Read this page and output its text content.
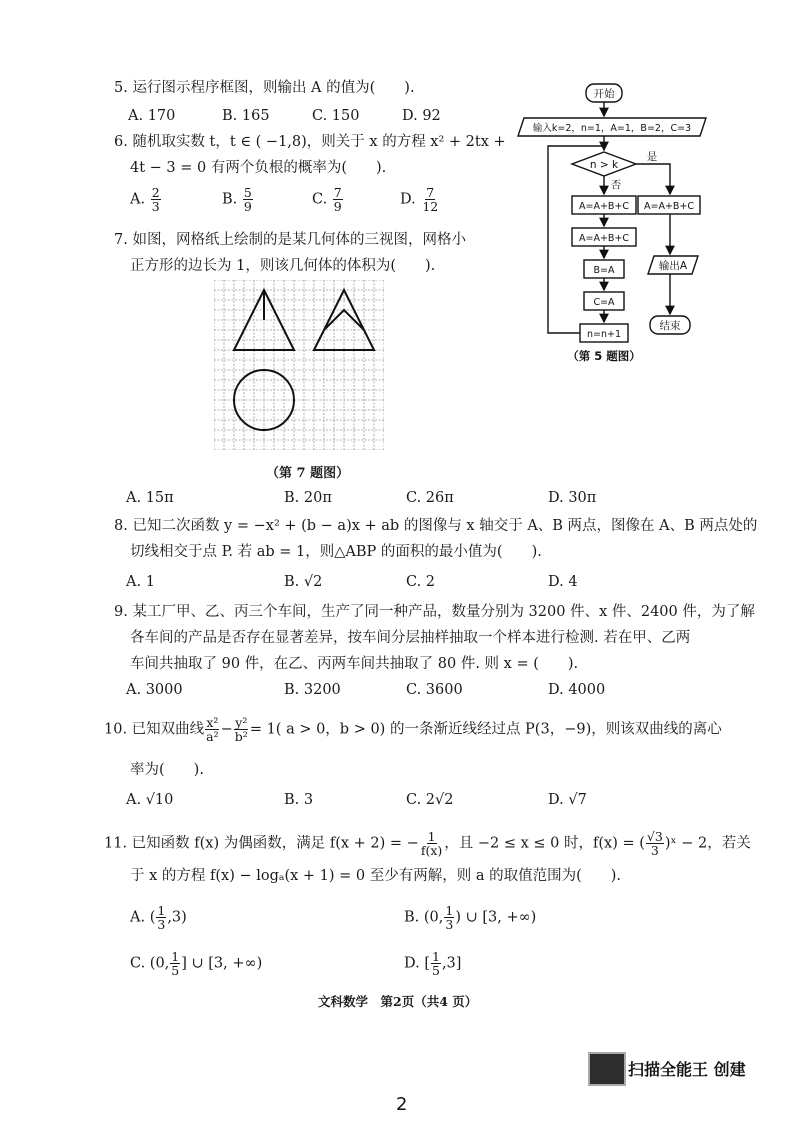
5. 运行图示程序框图，则输出 A 的值为(　　).
A. 170	B. 165	C. 150	D. 92
6. 随机取实数 t，t ∈ ( −1,8)，则关于 x 的方程 x² + 2tx +
4t − 3 = 0 有两个负根的概率为(　　).
A. $\frac{2}{3}$	B. $\frac{5}{9}$	C. $\frac{7}{9}$	D. $\frac{7}{12}$
7. 如图，网格纸上绘制的是某几何体的三视图，网格小
正方形的边长为 1，则该几何体的体积为(　　).
（第 7 题图）
A. 15π	B. 20π	C. 26π	D. 30π
8. 已知二次函数 y = −x² + (b − a)x + ab 的图像与 x 轴交于 A、B 两点，图像在 A、B 两点处的
切线相交于点 P. 若 ab = 1，则△ABP 的面积的最小值为(　　).
A. 1	B. √2	C. 2	D. 4
9. 某工厂甲、乙、丙三个车间，生产了同一种产品，数量分别为 3200 件、x 件、2400 件，为了解
各车间的产品是否存在显著差异，按车间分层抽样抽取一个样本进行检测. 若在甲、乙两
车间共抽取了 90 件，在乙、丙两车间共抽取了 80 件. 则 x = (　　).
A. 3000	B. 3200	C. 3600	D. 4000
10. 已知双曲线 $\frac{\text{x²}}{\text{a²}} - \frac{\text{y²}}{\text{b²}} = 1$( a > 0，b > 0) 的一条渐近线经过点 P(3，−9)，则该双曲线的离心
率为(　　).
A. √10	B. 3	C. 2√2	D. √7
11. 已知函数 f(x) 为偶函数，满足 f(x + 2) = − $\frac{1}{f(x)}$ ，且 −2 ≤ x ≤ 0 时，f(x) = ( $\frac{√3}{3}$ )ˣ − 2，若关
于 x 的方程 f(x) − logₐ(x + 1) = 0 至少有两解，则 a 的取值范围为(　　).
A. ( $\frac{1}{3} ,3$)	B. (0, $\frac{1}{3}$ ) ∪ [3, +∞)
C. (0, $\frac{1}{5}$ ] ∪ [3, +∞)	D. [ $\frac{1}{5} ,3$]
开始
输入k=2，n=1，A=1，B=2，C=3
n > k
是
否
A=A+B+C
A=A+B+C
B=A
C=A
n=n+1
A=A+B+C
输出A
结束
（第 5 题图）
文科数学　第2页（共4 页）
扫描全能王 创建
2
